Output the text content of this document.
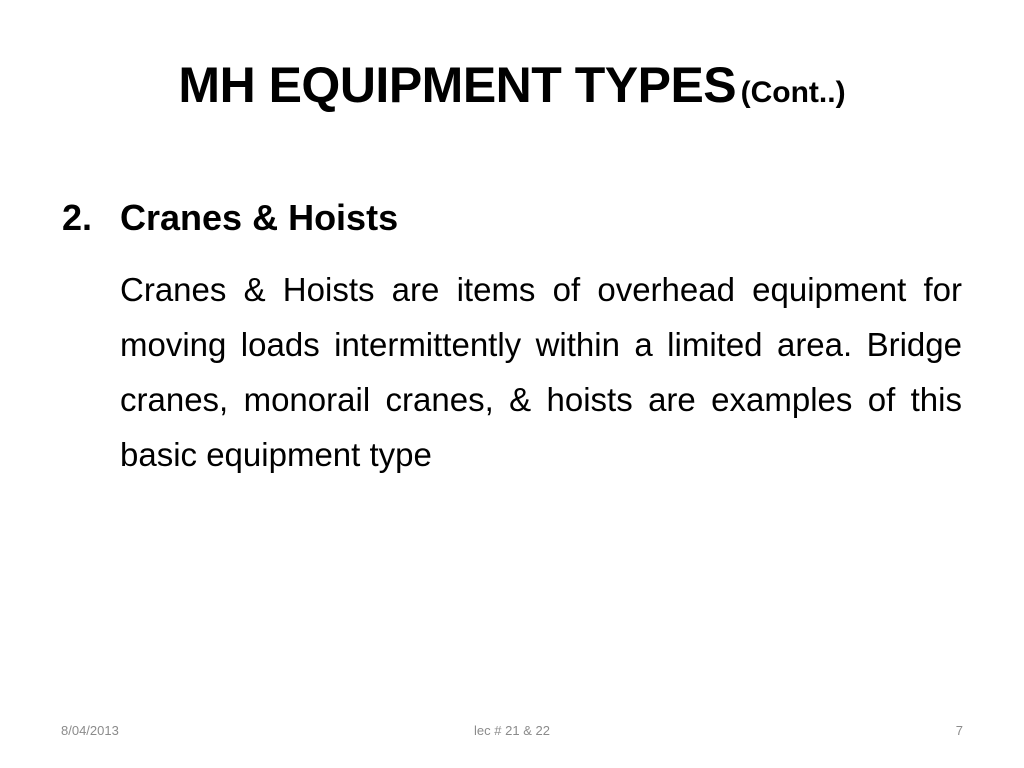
MH EQUIPMENT TYPES (Cont..)
2. Cranes & Hoists
Cranes & Hoists are items of overhead equipment for moving loads intermittently within a limited area. Bridge cranes, monorail cranes, & hoists are examples of this basic equipment type
8/04/2013	lec # 21 & 22	7
